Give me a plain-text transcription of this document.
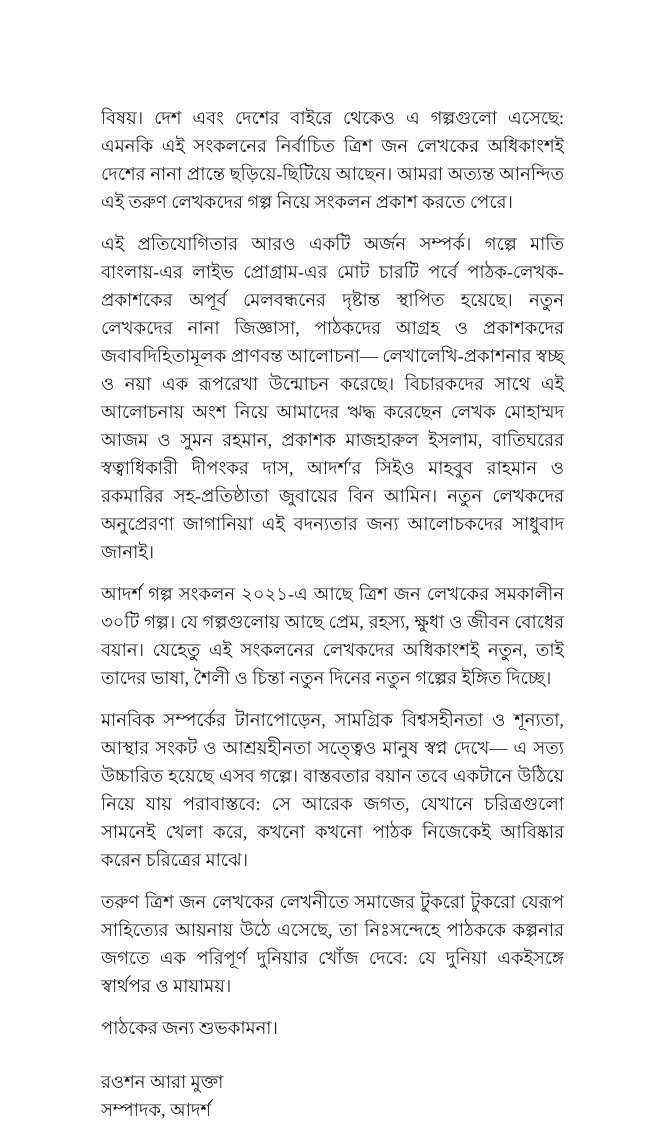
বিষয়। দেশ এবং দেশের বাইরে থেকেও এ গল্পগুলো এসেছে: এমনকি এই সংকলনের নির্বাচিত ত্রিশ জন লেখকের অধিকাংশই দেশের নানা প্রান্তে ছড়িয়ে-ছিটিয়ে আছেন। আমরা অত্যন্ত আনন্দিত এই তরুণ লেখকদের গল্প নিয়ে সংকলন প্রকাশ করতে পেরে।

এই প্রতিযোগিতার আরও একটি অর্জন সম্পর্ক। গল্পে মাতি বাংলায়-এর লাইভ প্রোগ্রাম-এর মোট চারটি পর্বে পাঠক-লেখক-প্রকাশকের অপূর্ব মেলবন্ধনের দৃষ্টান্ত স্থাপিত হয়েছে। নতুন লেখকদের নানা জিজ্ঞাসা, পাঠকদের আগ্রহ ও প্রকাশকদের জবাবদিহিতামূলক প্রাণবন্ত আলোচনা— লেখালেখি-প্রকাশনার স্বচ্ছ ও নয়া এক রূপরেখা উন্মোচন করেছে। বিচারকদের সাথে এই আলোচনায় অংশ নিয়ে আমাদের ঋদ্ধ করেছেন লেখক মোহাম্মদ আজম ও সুমন রহমান, প্রকাশক মাজহারুল ইসলাম, বাতিঘরের স্বত্বাধিকারী দীপংকর দাস, আদর্শ'র সিইও মাহবুব রাহমান ও রকমারির সহ-প্রতিষ্ঠাতা জুবায়ের বিন আমিন। নতুন লেখকদের অনুপ্রেরণা জাগানিয়া এই বদন্যতার জন্য আলোচকদের সাধুবাদ জানাই।

আদর্শ গল্প সংকলন ২০২১-এ আছে ত্রিশ জন লেখকের সমকালীন ৩০টি গল্প। যে গল্পগুলোয় আছে প্রেম, রহস্য, ক্ষুধা ও জীবন বোধের বয়ান। যেহেতু এই সংকলনের লেখকদের অধিকাংশই নতুন, তাই তাদের ভাষা, শৈলী ও চিন্তা নতুন দিনের নতুন গল্পের ইঙ্গিত দিচ্ছে।

মানবিক সম্পর্কের টানাপোড়েন, সামগ্রিক বিশ্বসহীনতা ও শূন্যতা, আস্থার সংকট ও আশ্রয়হীনতা সত্ত্বেও মানুষ স্বপ্ন দেখে— এ সত্য উচ্চারিত হয়েছে এসব গল্পে। বাস্তবতার বয়ান তবে একটানে উঠিয়ে নিয়ে যায় পরাবাস্তবে: সে আরেক জগত, যেখানে চরিত্রগুলো সামনেই খেলা করে, কখনো কখনো পাঠক নিজেকেই আবিষ্কার করেন চরিত্রের মাঝে।

তরুণ ত্রিশ জন লেখকের লেখনীতে সমাজের টুকরো টুকরো যেরূপ সাহিত্যের আয়নায় উঠে এসেছে, তা নিঃসন্দেহে পাঠককে কল্পনার জগতে এক পরিপূর্ণ দুনিয়ার খোঁজ দেবে: যে দুনিয়া একইসঙ্গে স্বার্থপর ও মায়াময়।

পাঠকের জন্য শুভকামনা।

রওশন আরা মুক্তা
সম্পাদক, আদর্শ
